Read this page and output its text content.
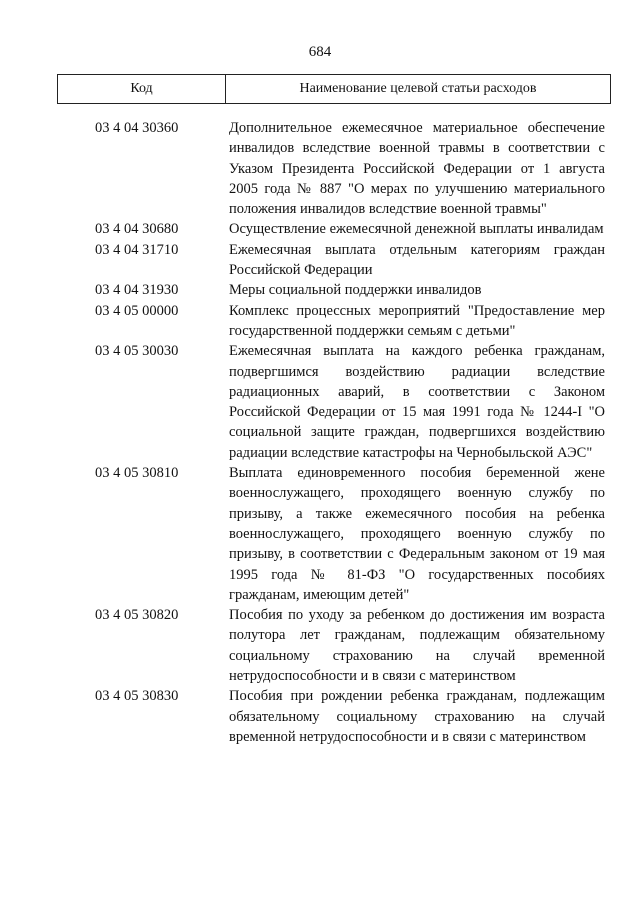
684
Код	Наименование целевой статьи расходов
03 4 04 30360	Дополнительное ежемесячное материальное обеспечение инвалидов вследствие военной травмы в соответствии с Указом Президента Российской Федерации от 1 августа 2005 года № 887 "О мерах по улучшению материального положения инвалидов вследствие военной травмы"
03 4 04 30680	Осуществление ежемесячной денежной выплаты инвалидам
03 4 04 31710	Ежемесячная выплата отдельным категориям граждан Российской Федерации
03 4 04 31930	Меры социальной поддержки инвалидов
03 4 05 00000	Комплекс процессных мероприятий "Предоставление мер государственной поддержки семьям с детьми"
03 4 05 30030	Ежемесячная выплата на каждого ребенка гражданам, подвергшимся воздействию радиации вследствие радиационных аварий, в соответствии с Законом Российской Федерации от 15 мая 1991 года № 1244-I "О социальной защите граждан, подвергшихся воздействию радиации вследствие катастрофы на Чернобыльской АЭС"
03 4 05 30810	Выплата единовременного пособия беременной жене военнослужащего, проходящего военную службу по призыву, а также ежемесячного пособия на ребенка военнослужащего, проходящего военную службу по призыву, в соответствии с Федеральным законом от 19 мая 1995 года № 81-ФЗ "О государственных пособиях гражданам, имеющим детей"
03 4 05 30820	Пособия по уходу за ребенком до достижения им возраста полутора лет гражданам, подлежащим обязательному социальному страхованию на случай временной нетрудоспособности и в связи с материнством
03 4 05 30830	Пособия при рождении ребенка гражданам, подлежащим обязательному социальному страхованию на случай временной нетрудоспособности и в связи с материнством
